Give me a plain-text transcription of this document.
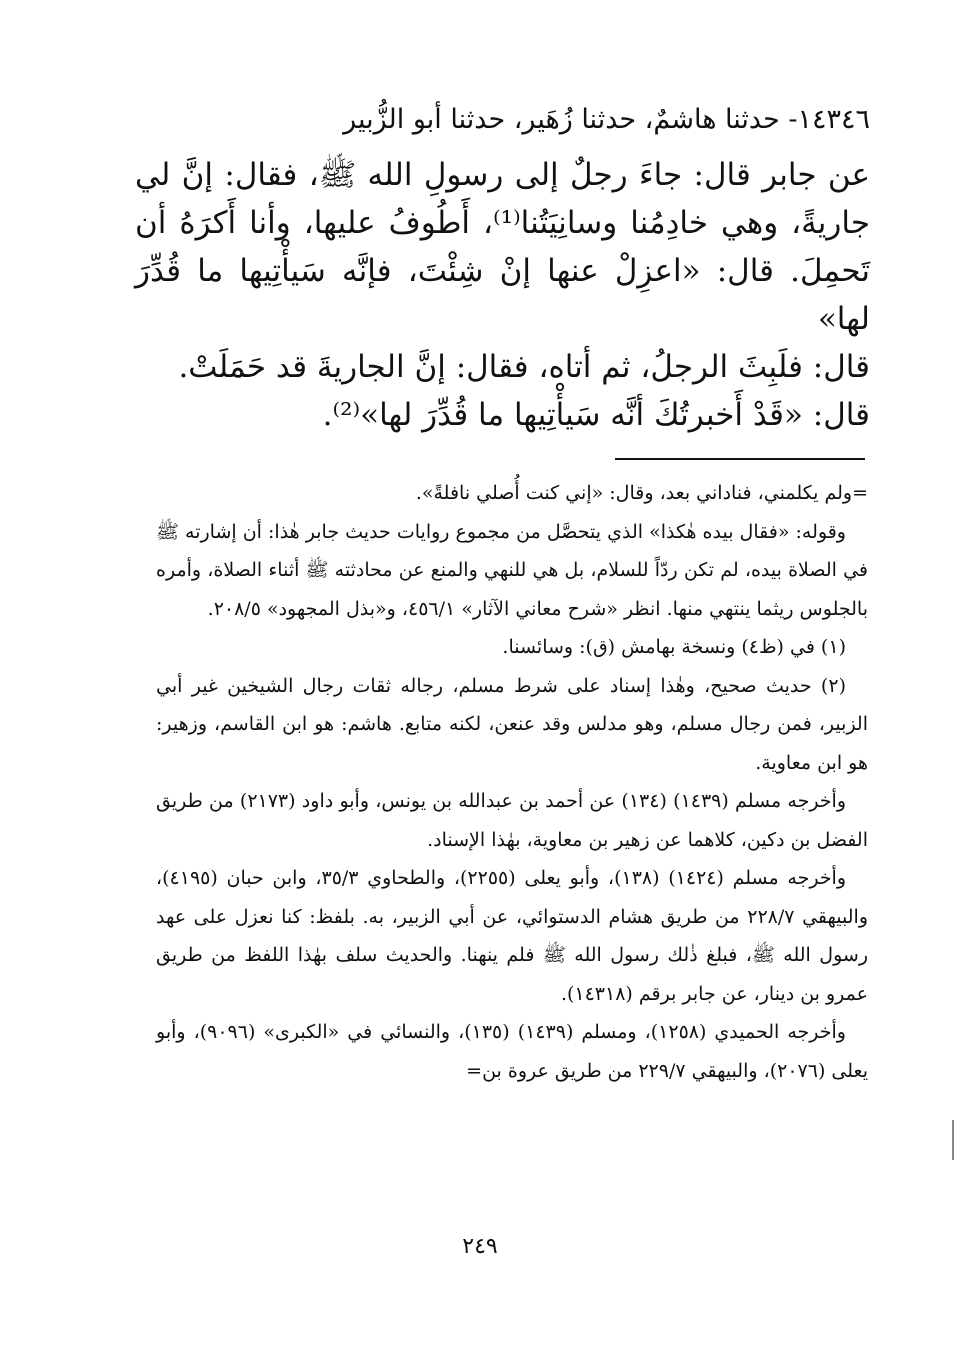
١٤٣٤٦- حدثنا هاشمٌ، حدثنا زُهَير، حدثنا أبو الزُّبير

عن جابر قال: جاءَ رجلٌ إلى رسولِ الله ﷺ، فقال: إنَّ لي جاريةً، وهي خادِمُنا وسانِيَتُنا⁽¹⁾، أَطُوفُ عليها، وأنا أَكرَهُ أن تَحمِلَ. قال: «اعزِلْ عنها إنْ شِئْتَ، فإنَّه سَيأْتِيها ما قُدِّرَ لها»

قال: فلَبِثَ الرجلُ، ثم أتاه، فقال: إنَّ الجاريةَ قد حَمَلَتْ.

قال: «قَدْ أَخبرتُكَ أنَّه سَيأْتِيها ما قُدِّرَ لها»⁽²⁾.

=ولم يكلمني، فناداني بعد، وقال: «إني كنت أُصلي نافلةً».

وقوله: «فقال بيده هٰكذا» الذي يتحصَّل من مجموع روايات حديث جابر هٰذا: أن إشارته ﷺ في الصلاة بيده، لم تكن ردّاً للسلام، بل هي للنهي والمنع عن محادثته ﷺ أثناء الصلاة، وأمره بالجلوس ريثما ينتهي منها. انظر «شرح معاني الآثار» ٤٥٦/١، و«بذل المجهود» ٢٠٨/٥.

(١) في (ظ٤) ونسخة بهامش (ق): وسائسنا.

(٢) حديث صحيح، وهٰذا إسناد على شرط مسلم، رجاله ثقات رجال الشيخين غير أبي الزبير، فمن رجال مسلم، وهو مدلس وقد عنعن، لكنه متابع. هاشم: هو ابن القاسم، وزهير: هو ابن معاوية.

وأخرجه مسلم (١٤٣٩) (١٣٤) عن أحمد بن عبدالله بن يونس، وأبو داود (٢١٧٣) من طريق الفضل بن دكين، كلاهما عن زهير بن معاوية، بهٰذا الإسناد.

وأخرجه مسلم (١٤٢٤) (١٣٨)، وأبو يعلى (٢٢٥٥)، والطحاوي ٣٥/٣، وابن حبان (٤١٩٥)، والبيهقي ٢٢٨/٧ من طريق هشام الدستوائي، عن أبي الزبير، به. بلفظ: كنا نعزل على عهد رسول الله ﷺ، فبلغ ذٰلك رسول الله ﷺ فلم ينهنا. والحديث سلف بهٰذا اللفظ من طريق عمرو بن دينار، عن جابر برقم (١٤٣١٨).

وأخرجه الحميدي (١٢٥٨)، ومسلم (١٤٣٩) (١٣٥)، والنسائي في «الكبرى» (٩٠٩٦)، وأبو يعلى (٢٠٧٦)، والبيهقي ٢٢٩/٧ من طريق عروة بن=

٢٤٩
